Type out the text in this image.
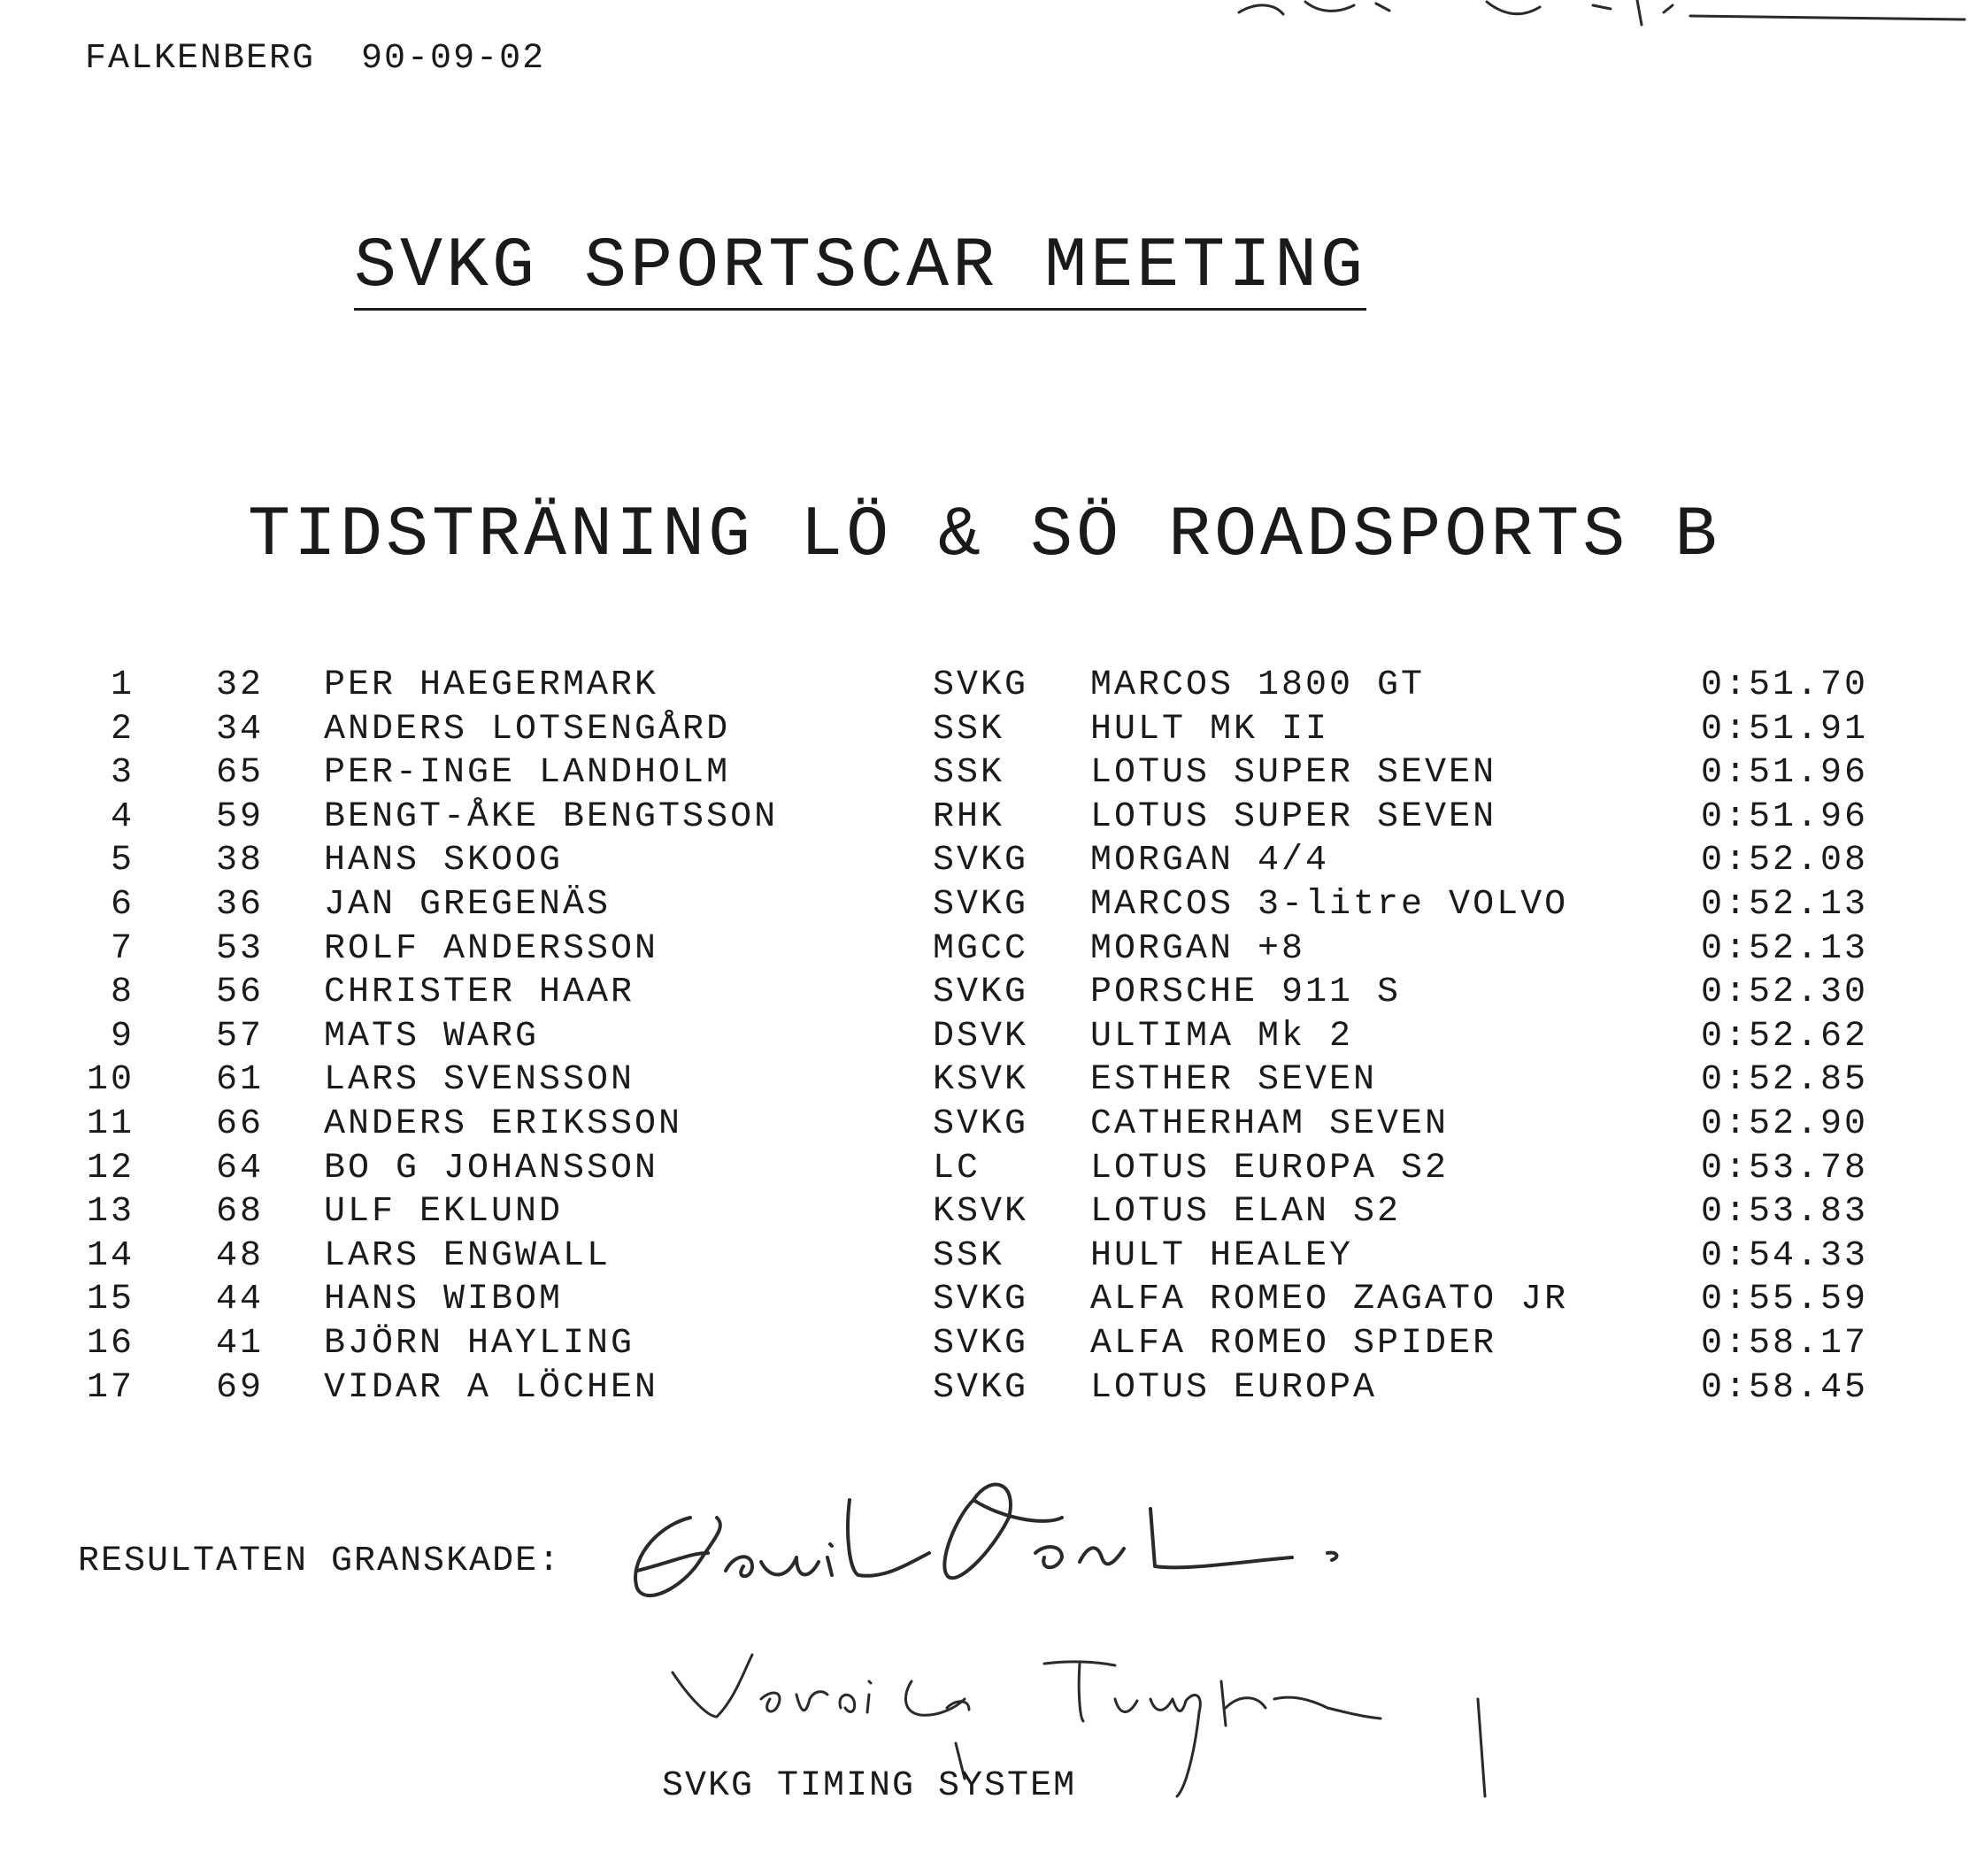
FALKENBERG  90-09-02
SVKG SPORTSCAR MEETING
TIDSTRÄNING LÖ & SÖ ROADSPORTS B
1 32 PER HAEGERMARK	SVKG MARCOS 1800 GT	0:51.70
2 34 ANDERS LOTSENGÅRD	SSK HULT MK II	0:51.91
3 65 PER-INGE LANDHOLM	SSK LOTUS SUPER SEVEN	0:51.96
4 59 BENGT-ÅKE BENGTSSON	RHK LOTUS SUPER SEVEN	0:51.96
5 38 HANS SKOOG	SVKG MORGAN 4/4	0:52.08
6 36 JAN GREGENÄS	SVKG MARCOS 3-litre VOLVO	0:52.13
7 53 ROLF ANDERSSON	MGCC MORGAN +8	0:52.13
8 56 CHRISTER HAAR	SVKG PORSCHE 911 S	0:52.30
9 57 MATS WARG	DSVK ULTIMA Mk 2	0:52.62
10 61 LARS SVENSSON	KSVK ESTHER SEVEN	0:52.85
11 66 ANDERS ERIKSSON	SVKG CATHERHAM SEVEN	0:52.90
12 64 BO G JOHANSSON	LC	LOTUS EUROPA S2	0:53.78
13 68 ULF EKLUND	KSVK LOTUS ELAN S2	0:53.83
14 48 LARS ENGWALL	SSK HULT HEALEY	0:54.33
15 44 HANS WIBOM	SVKG ALFA ROMEO ZAGATO JR	0:55.59
16 41 BJÖRN HAYLING	SVKG ALFA ROMEO SPIDER	0:58.17
17 69 VIDAR A LÖCHEN	SVKG LOTUS EUROPA	0:58.45
RESULTATEN GRANSKADE:
SVKG TIMING SYSTEM
